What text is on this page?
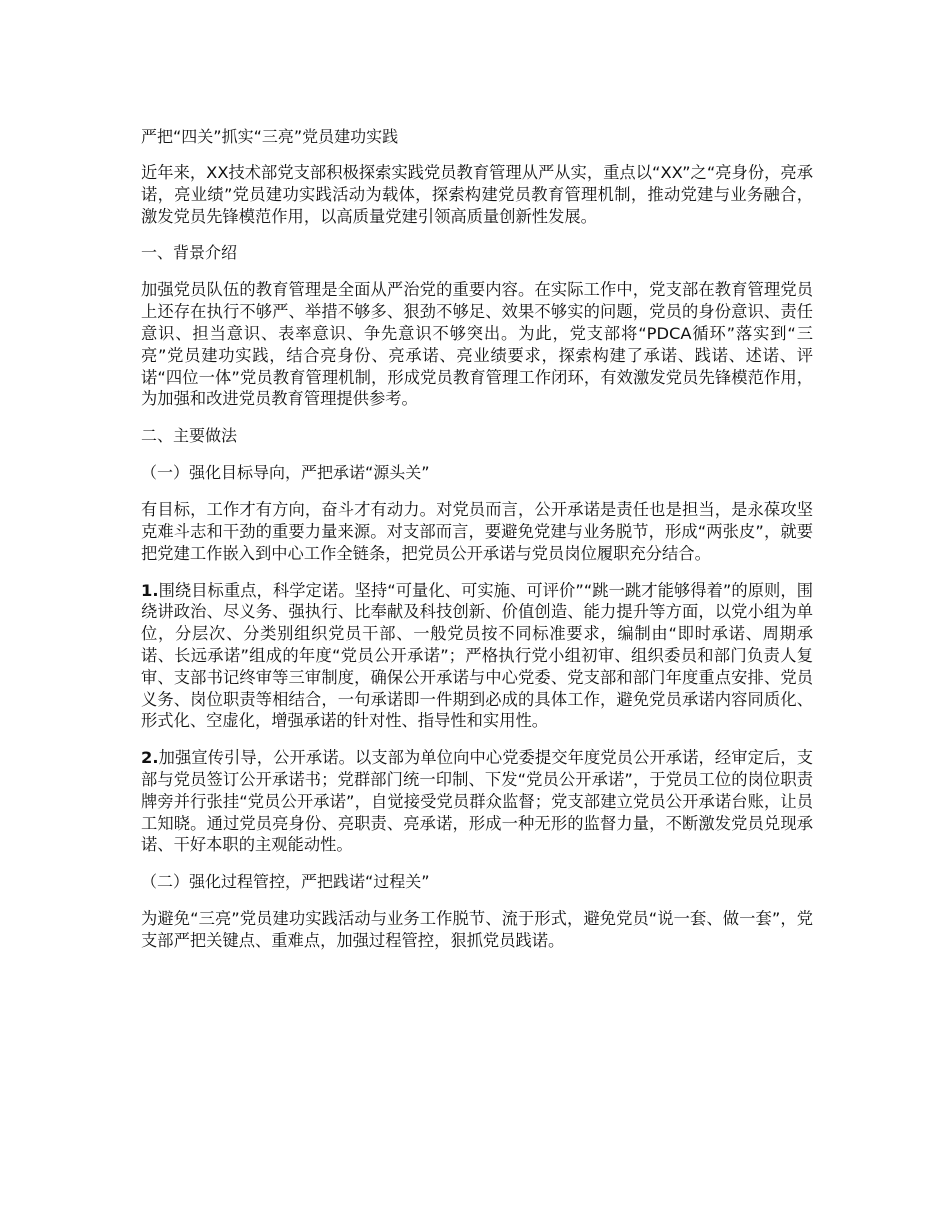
严把“四关”抓实“三亮”党员建功实践
近年来，XX技术部党支部积极探索实践党员教育管理从严从实，重点以“XX”之“亮身份，亮承诺，亮业绩”党员建功实践活动为载体，探索构建党员教育管理机制，推动党建与业务融合，激发党员先锋模范作用，以高质量党建引领高质量创新性发展。
一、背景介绍
加强党员队伍的教育管理是全面从严治党的重要内容。在实际工作中，党支部在教育管理党员上还存在执行不够严、举措不够多、狠劲不够足、效果不够实的问题，党员的身份意识、责任意识、担当意识、表率意识、争先意识不够突出。为此，党支部将“PDCA循环”落实到“三亮”党员建功实践，结合亮身份、亮承诺、亮业绩要求，探索构建了承诺、践诺、述诺、评诺“四位一体”党员教育管理机制，形成党员教育管理工作闭环，有效激发党员先锋模范作用，为加强和改进党员教育管理提供参考。
二、主要做法
（一）强化目标导向，严把承诺“源头关”
有目标，工作才有方向，奋斗才有动力。对党员而言，公开承诺是责任也是担当，是永葆攻坚克难斗志和干劲的重要力量来源。对支部而言，要避免党建与业务脱节，形成“两张皮”，就要把党建工作嵌入到中心工作全链条，把党员公开承诺与党员岗位履职充分结合。
1.围绕目标重点，科学定诺。坚持“可量化、可实施、可评价”“跳一跳才能够得着”的原则，围绕讲政治、尽义务、强执行、比奉献及科技创新、价值创造、能力提升等方面，以党小组为单位，分层次、分类别组织党员干部、一般党员按不同标准要求，编制由“即时承诺、周期承诺、长远承诺”组成的年度“党员公开承诺”；严格执行党小组初审、组织委员和部门负责人复审、支部书记终审等三审制度，确保公开承诺与中心党委、党支部和部门年度重点安排、党员义务、岗位职责等相结合，一句承诺即一件期到必成的具体工作，避免党员承诺内容同质化、形式化、空虚化，增强承诺的针对性、指导性和实用性。
2.加强宣传引导，公开承诺。以支部为单位向中心党委提交年度党员公开承诺，经审定后，支部与党员签订公开承诺书；党群部门统一印制、下发“党员公开承诺”，于党员工位的岗位职责牌旁并行张挂“党员公开承诺”，自觉接受党员群众监督；党支部建立党员公开承诺台账，让员工知晓。通过党员亮身份、亮职责、亮承诺，形成一种无形的监督力量，不断激发党员兑现承诺、干好本职的主观能动性。
（二）强化过程管控，严把践诺“过程关”
为避免“三亮”党员建功实践活动与业务工作脱节、流于形式，避免党员“说一套、做一套”，党支部严把关键点、重难点，加强过程管控，狠抓党员践诺。
